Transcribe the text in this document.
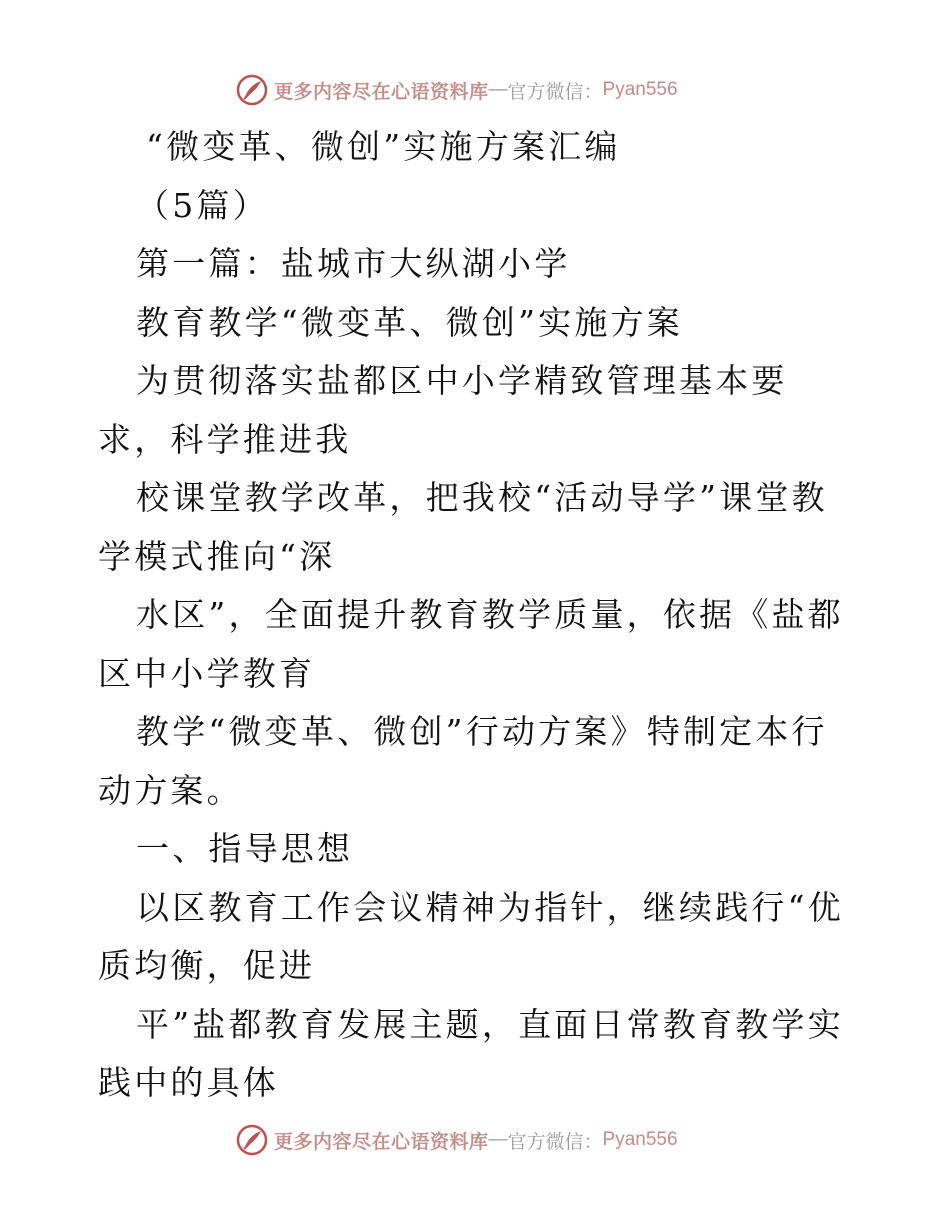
更多内容尽在心语资料库 — 官方微信： Pyan556

“微变革、微创”实施方案汇编

（5篇）

第一篇：盐城市大纵湖小学

教育教学“微变革、微创”实施方案

为贯彻落实盐都区中小学精致管理基本要求，科学推进我

校课堂教学改革，把我校“活动导学”课堂教学模式推向“深

水区”，全面提升教育教学质量，依据《盐都区中小学教育

教学“微变革、微创”行动方案》特制定本行动方案。

一、指导思想

以区教育工作会议精神为指针，继续践行“优质均衡，促进

平”盐都教育发展主题，直面日常教育教学实践中的具体

更多内容尽在心语资料库 — 官方微信： Pyan556
